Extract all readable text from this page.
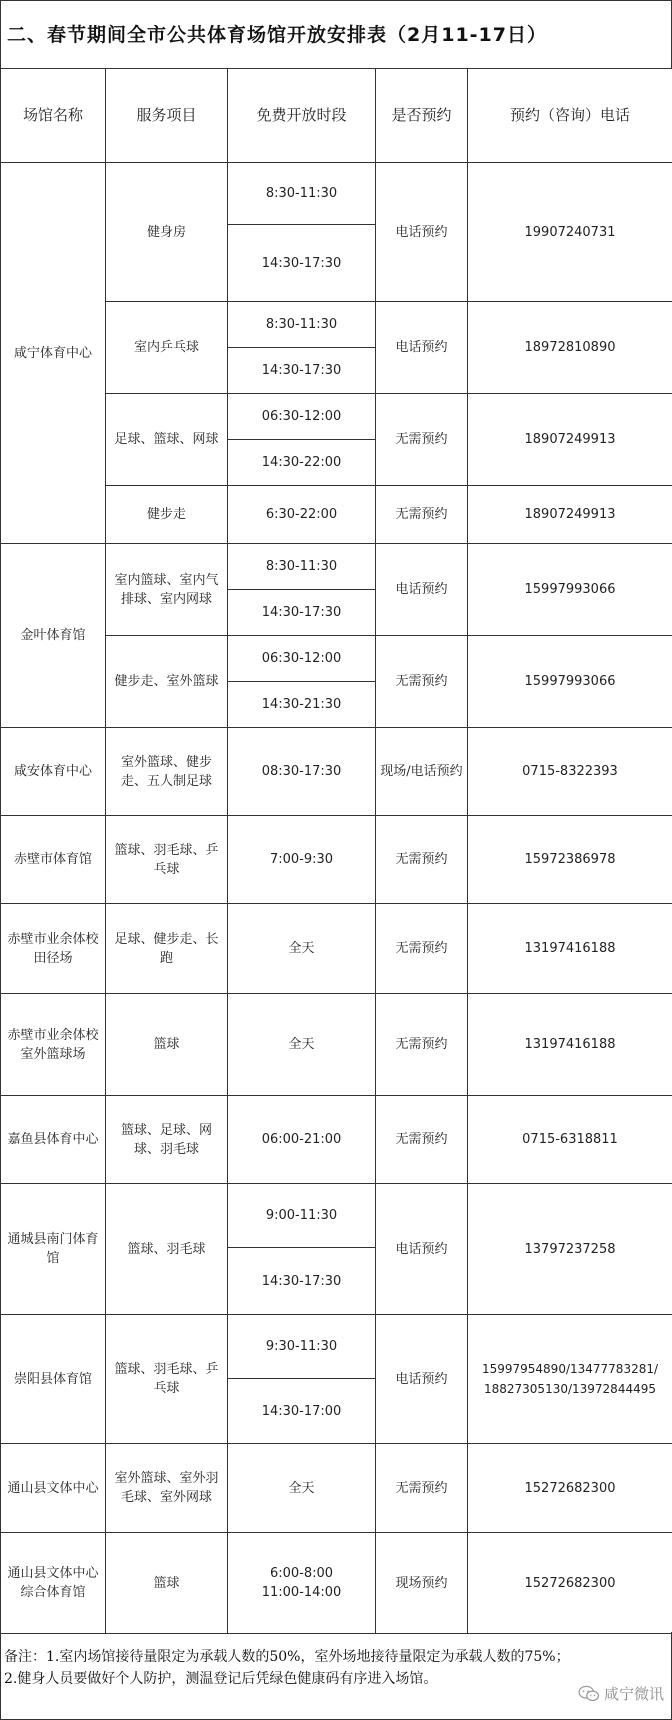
二、春节期间全市公共体育场馆开放安排表（2月11-17日）
场馆名称	服务项目	免费开放时段	是否预约	预约（咨询）电话
咸宁体育中心	健身房	8:30-11:30	电话预约	19907240731
		14:30-17:30		
	室内乒乓球	8:30-11:30	电话预约	18972810890
		14:30-17:30		
	足球、篮球、网球	06:30-12:00	无需预约	18907249913
		14:30-22:00		
	健步走	6:30-22:00	无需预约	18907249913
金叶体育馆	室内篮球、室内气排球、室内网球	8:30-11:30	电话预约	15997993066
		14:30-17:30		
	健步走、室外篮球	06:30-12:00	无需预约	15997993066
		14:30-21:30		
咸安体育中心	室外篮球、健步走、五人制足球	08:30-17:30	现场/电话预约	0715-8322393
赤壁市体育馆	篮球、羽毛球、乒乓球	7:00-9:30	无需预约	15972386978
赤壁市业余体校田径场	足球、健步走、长跑	全天	无需预约	13197416188
赤壁市业余体校室外篮球场	篮球	全天	无需预约	13197416188
嘉鱼县体育中心	篮球、足球、网球、羽毛球	06:00-21:00	无需预约	0715-6318811
通城县南门体育馆	篮球、羽毛球	9:00-11:30	电话预约	13797237258
		14:30-17:30		
崇阳县体育馆	篮球、羽毛球、乒乓球	9:30-11:30	电话预约	15997954890/13477783281/
18827305130/13972844495

		14:30-17:00		
通山县文体中心	室外篮球、室外羽毛球、室外网球	全天	无需预约	15272682300
通山县文体中心综合体育馆	篮球	6:00-8:00
11:00-14:00	现场预约	15272682300
备注：1.室内场馆接待量限定为承载人数的50%，室外场地接待量限定为承载人数的75%；
2.健身人员要做好个人防护，测温登记后凭绿色健康码有序进入场馆。
咸宁微讯
